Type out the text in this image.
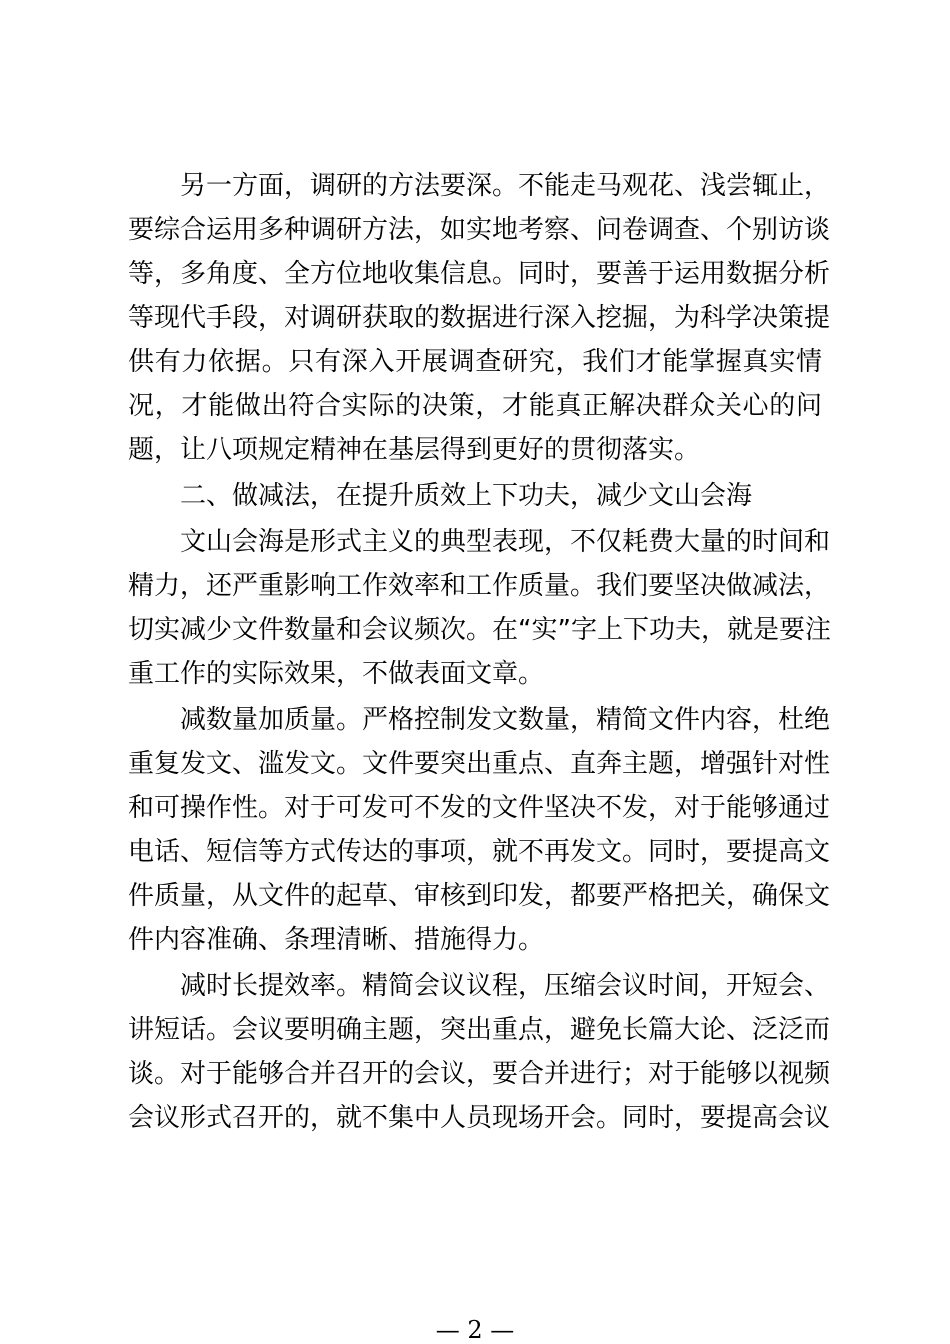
另一方面，调研的方法要深。不能走马观花、浅尝辄止，
要综合运用多种调研方法，如实地考察、问卷调查、个别访谈
等，多角度、全方位地收集信息。同时，要善于运用数据分析
等现代手段，对调研获取的数据进行深入挖掘，为科学决策提
供有力依据。只有深入开展调查研究，我们才能掌握真实情
况，才能做出符合实际的决策，才能真正解决群众关心的问
题，让八项规定精神在基层得到更好的贯彻落实。
二、做减法，在提升质效上下功夫，减少文山会海
文山会海是形式主义的典型表现，不仅耗费大量的时间和
精力，还严重影响工作效率和工作质量。我们要坚决做减法，
切实减少文件数量和会议频次。在“实”字上下功夫，就是要注
重工作的实际效果，不做表面文章。
减数量加质量。严格控制发文数量，精简文件内容，杜绝
重复发文、滥发文。文件要突出重点、直奔主题，增强针对性
和可操作性。对于可发可不发的文件坚决不发，对于能够通过
电话、短信等方式传达的事项，就不再发文。同时，要提高文
件质量，从文件的起草、审核到印发，都要严格把关，确保文
件内容准确、条理清晰、措施得力。
减时长提效率。精简会议议程，压缩会议时间，开短会、
讲短话。会议要明确主题，突出重点，避免长篇大论、泛泛而
谈。对于能够合并召开的会议，要合并进行；对于能够以视频
会议形式召开的，就不集中人员现场开会。同时，要提高会议
— 2 —
